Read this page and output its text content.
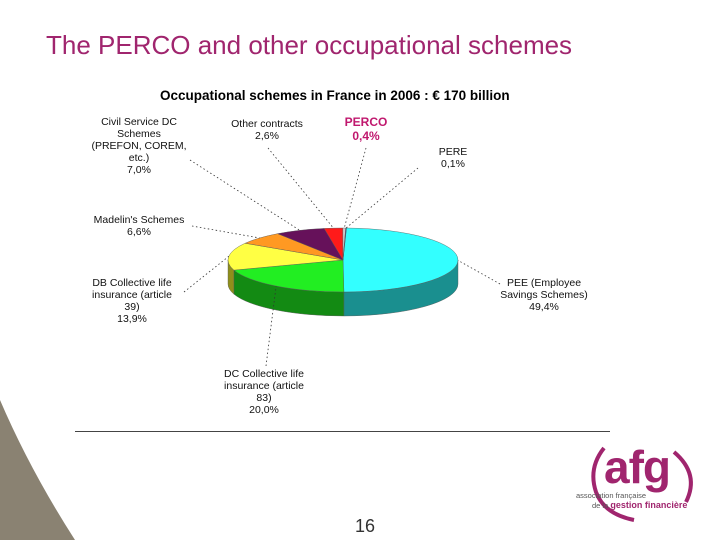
The PERCO and other occupational schemes
Occupational schemes in France in 2006 : € 170 billion
Civil Service DC
Schemes
(PREFON, COREM,
etc.)
7,0%
Other contracts
2,6%
PERCO
0,4%
PERE
0,1%
Madelin's Schemes
6,6%
DB Collective life
insurance (article
39)
13,9%
DC Collective life
insurance (article
83)
20,0%
PEE (Employee
Savings Schemes)
49,4%
16
afg
association française
de la gestion financière
